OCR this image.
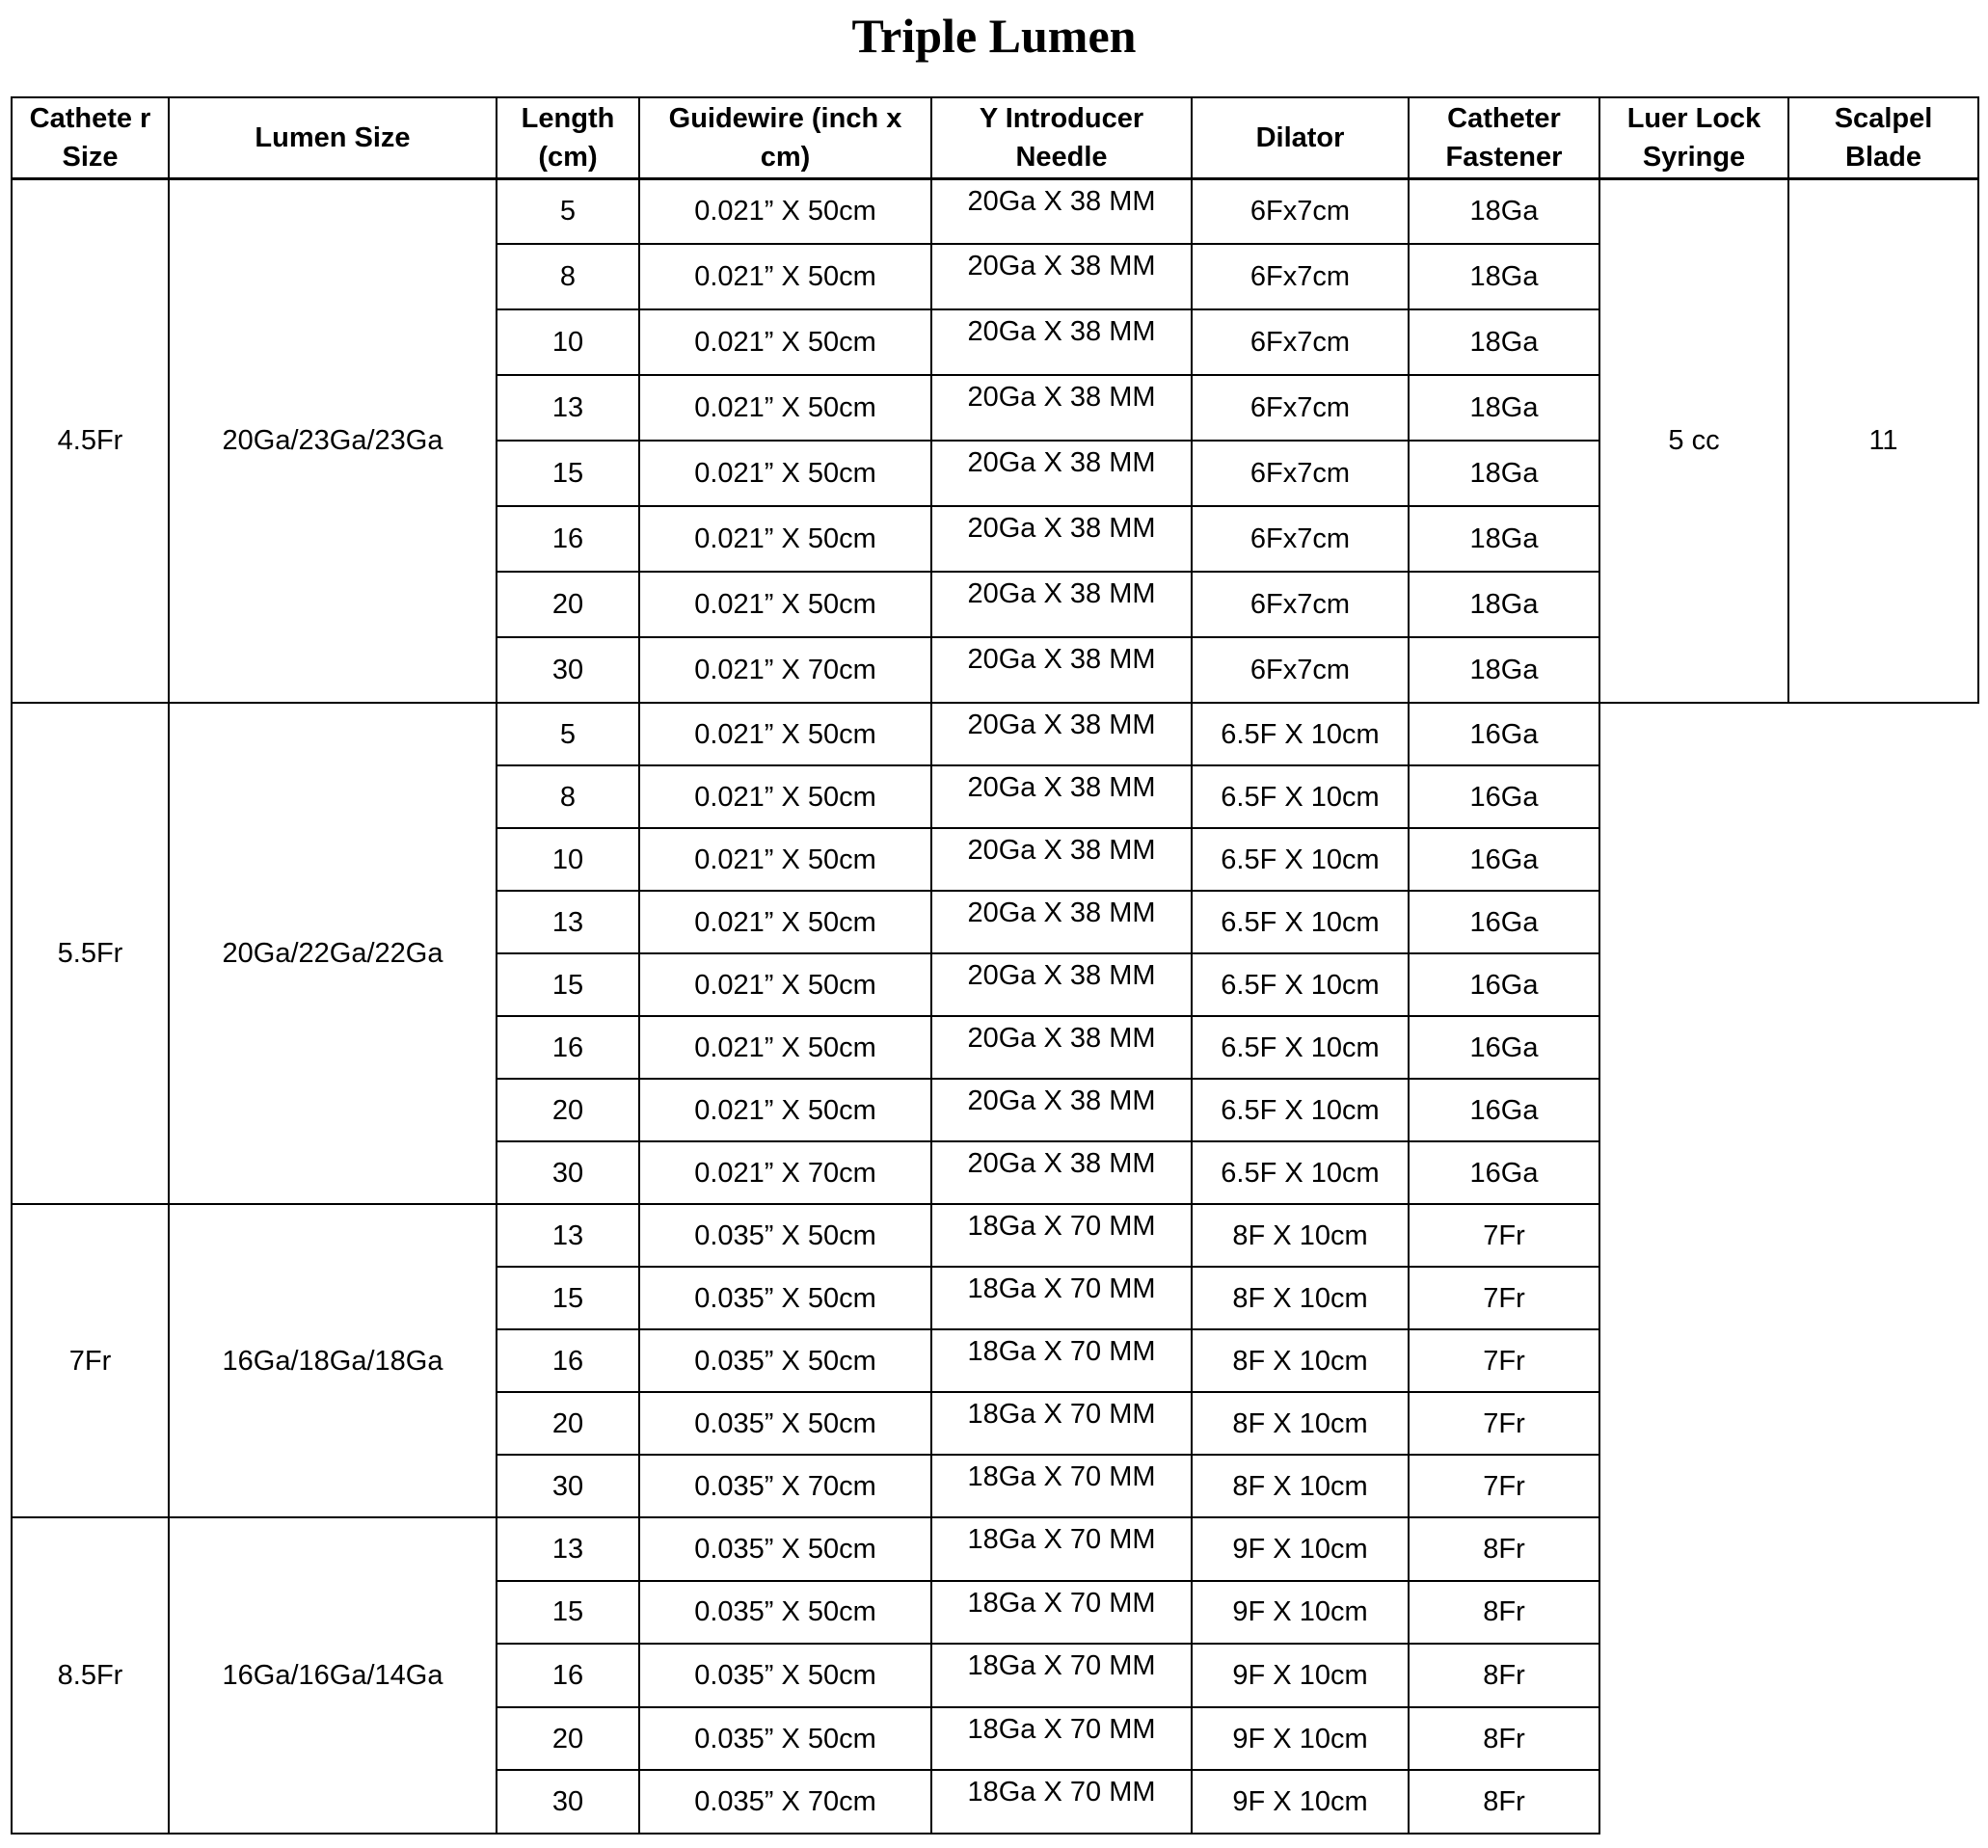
Triple Lumen
Cathete r Size	Lumen Size	Length (cm)	Guidewire (inch x cm)	Y Introducer Needle	Dilator	Catheter Fastener	Luer Lock Syringe	Scalpel Blade
4.5Fr	20Ga/23Ga/23Ga	5	0.021” X 50cm	20Ga X 38 MM	6Fx7cm	18Ga	5 cc	11
		8	0.021” X 50cm	20Ga X 38 MM	6Fx7cm	18Ga		
		10	0.021” X 50cm	20Ga X 38 MM	6Fx7cm	18Ga		
		13	0.021” X 50cm	20Ga X 38 MM	6Fx7cm	18Ga		
		15	0.021” X 50cm	20Ga X 38 MM	6Fx7cm	18Ga		
		16	0.021” X 50cm	20Ga X 38 MM	6Fx7cm	18Ga		
		20	0.021” X 50cm	20Ga X 38 MM	6Fx7cm	18Ga		
		30	0.021” X 70cm	20Ga X 38 MM	6Fx7cm	18Ga		
5.5Fr	20Ga/22Ga/22Ga	5	0.021” X 50cm	20Ga X 38 MM	6.5F X 10cm	16Ga		
		8	0.021” X 50cm	20Ga X 38 MM	6.5F X 10cm	16Ga		
		10	0.021” X 50cm	20Ga X 38 MM	6.5F X 10cm	16Ga		
		13	0.021” X 50cm	20Ga X 38 MM	6.5F X 10cm	16Ga		
		15	0.021” X 50cm	20Ga X 38 MM	6.5F X 10cm	16Ga		
		16	0.021” X 50cm	20Ga X 38 MM	6.5F X 10cm	16Ga		
		20	0.021” X 50cm	20Ga X 38 MM	6.5F X 10cm	16Ga		
		30	0.021” X 70cm	20Ga X 38 MM	6.5F X 10cm	16Ga		
7Fr	16Ga/18Ga/18Ga	13	0.035” X 50cm	18Ga X 70 MM	8F X 10cm	7Fr		
		15	0.035” X 50cm	18Ga X 70 MM	8F X 10cm	7Fr		
		16	0.035” X 50cm	18Ga X 70 MM	8F X 10cm	7Fr		
		20	0.035” X 50cm	18Ga X 70 MM	8F X 10cm	7Fr		
		30	0.035” X 70cm	18Ga X 70 MM	8F X 10cm	7Fr		
8.5Fr	16Ga/16Ga/14Ga	13	0.035” X 50cm	18Ga X 70 MM	9F X 10cm	8Fr		
		15	0.035” X 50cm	18Ga X 70 MM	9F X 10cm	8Fr		
		16	0.035” X 50cm	18Ga X 70 MM	9F X 10cm	8Fr		
		20	0.035” X 50cm	18Ga X 70 MM	9F X 10cm	8Fr		
		30	0.035” X 70cm	18Ga X 70 MM	9F X 10cm	8Fr		
